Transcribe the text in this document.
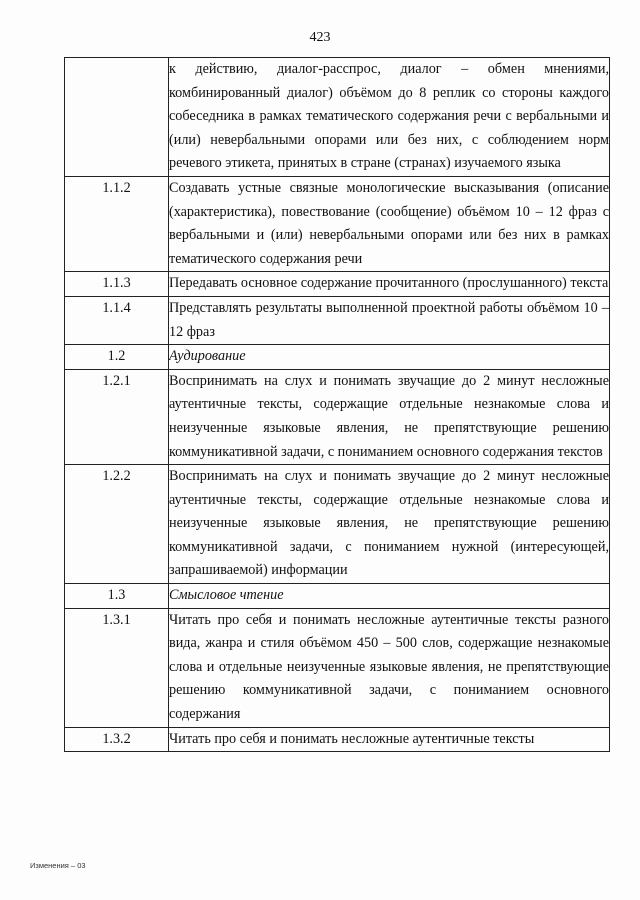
423
	к действию, диалог-расспрос, диалог – обмен мнениями, комбинированный диалог) объёмом до 8 реплик со стороны каждого собеседника в рамках тематического содержания речи с вербальными и (или) невербальными опорами или без них, с соблюдением норм речевого этикета, принятых в стране (странах) изучаемого языка
1.1.2	Создавать устные связные монологические высказывания (описание (характеристика), повествование (сообщение) объёмом 10 – 12 фраз с вербальными и (или) невербальными опорами или без них в рамках тематического содержания речи
1.1.3	Передавать основное содержание прочитанного (прослушанного) текста
1.1.4	Представлять результаты выполненной проектной работы объёмом 10 – 12 фраз
1.2	Аудирование
1.2.1	Воспринимать на слух и понимать звучащие до 2 минут несложные аутентичные тексты, содержащие отдельные незнакомые слова и неизученные языковые явления, не препятствующие решению коммуникативной задачи, с пониманием основного содержания текстов
1.2.2	Воспринимать на слух и понимать звучащие до 2 минут несложные аутентичные тексты, содержащие отдельные незнакомые слова и неизученные языковые явления, не препятствующие решению коммуникативной задачи, с пониманием нужной (интересующей, запрашиваемой) информации
1.3	Смысловое чтение
1.3.1	Читать про себя и понимать несложные аутентичные тексты разного вида, жанра и стиля объёмом 450 – 500 слов, содержащие незнакомые слова и отдельные неизученные языковые явления, не препятствующие решению коммуникативной задачи, с пониманием основного содержания
1.3.2	Читать про себя и понимать несложные аутентичные тексты
Изменения – 03
